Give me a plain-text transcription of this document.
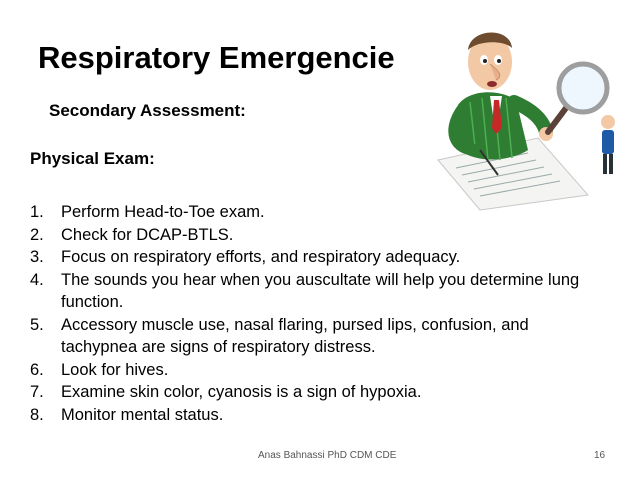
Respiratory Emergencie

Secondary Assessment:

Physical Exam:

1.	Perform Head-to-Toe exam.
2.	Check for DCAP-BTLS.
3.	Focus on respiratory efforts, and respiratory adequacy.
4.	The sounds you hear when you auscultate will help you determine lung function.
5.	Accessory muscle use, nasal flaring, pursed lips, confusion, and tachypnea are signs of respiratory distress.
6.	Look for hives.
7.	Examine skin color, cyanosis is a sign of hypoxia.
8.	Monitor mental status.
Anas Bahnassi PhD CDM CDE	16
